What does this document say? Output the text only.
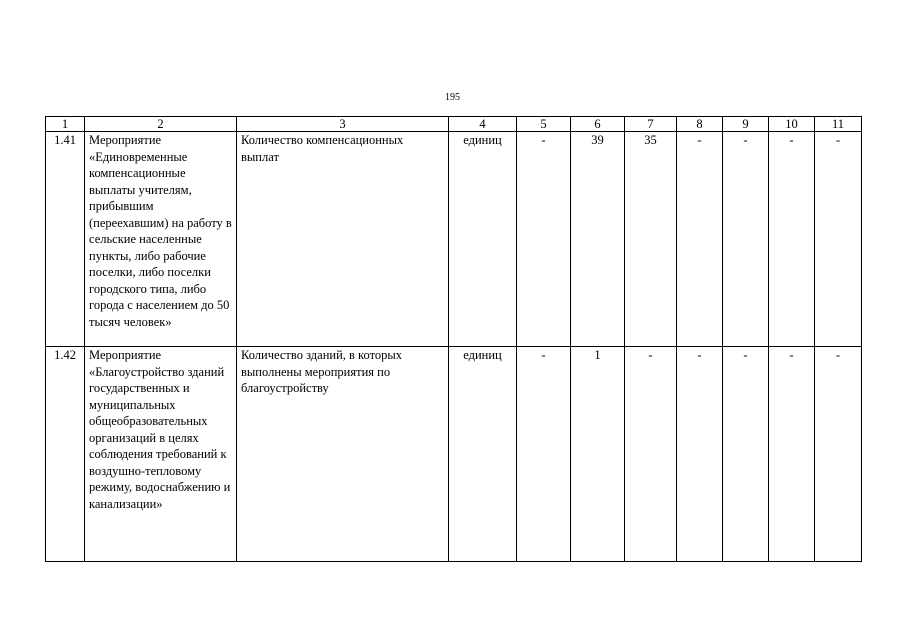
195
1	2	3	4	5	6	7	8	9	10	11
1.41	Мероприятие «Единовременные компенсационные выплаты учителям, прибывшим (переехавшим) на работу в сельские населенные пункты, либо рабочие поселки, либо поселки городского типа, либо города с населением до 50 тысяч человек»	Количество компенсационных выплат	единиц	-	39	35	-	-	-	-
1.42	Мероприятие «Благоустройство зданий государственных и муниципальных общеобразовательных организаций в целях соблюдения требований к воздушно-тепловому режиму, водоснабжению и канализации»	Количество зданий, в которых выполнены мероприятия по благоустройству	единиц	-	1	-	-	-	-	-
